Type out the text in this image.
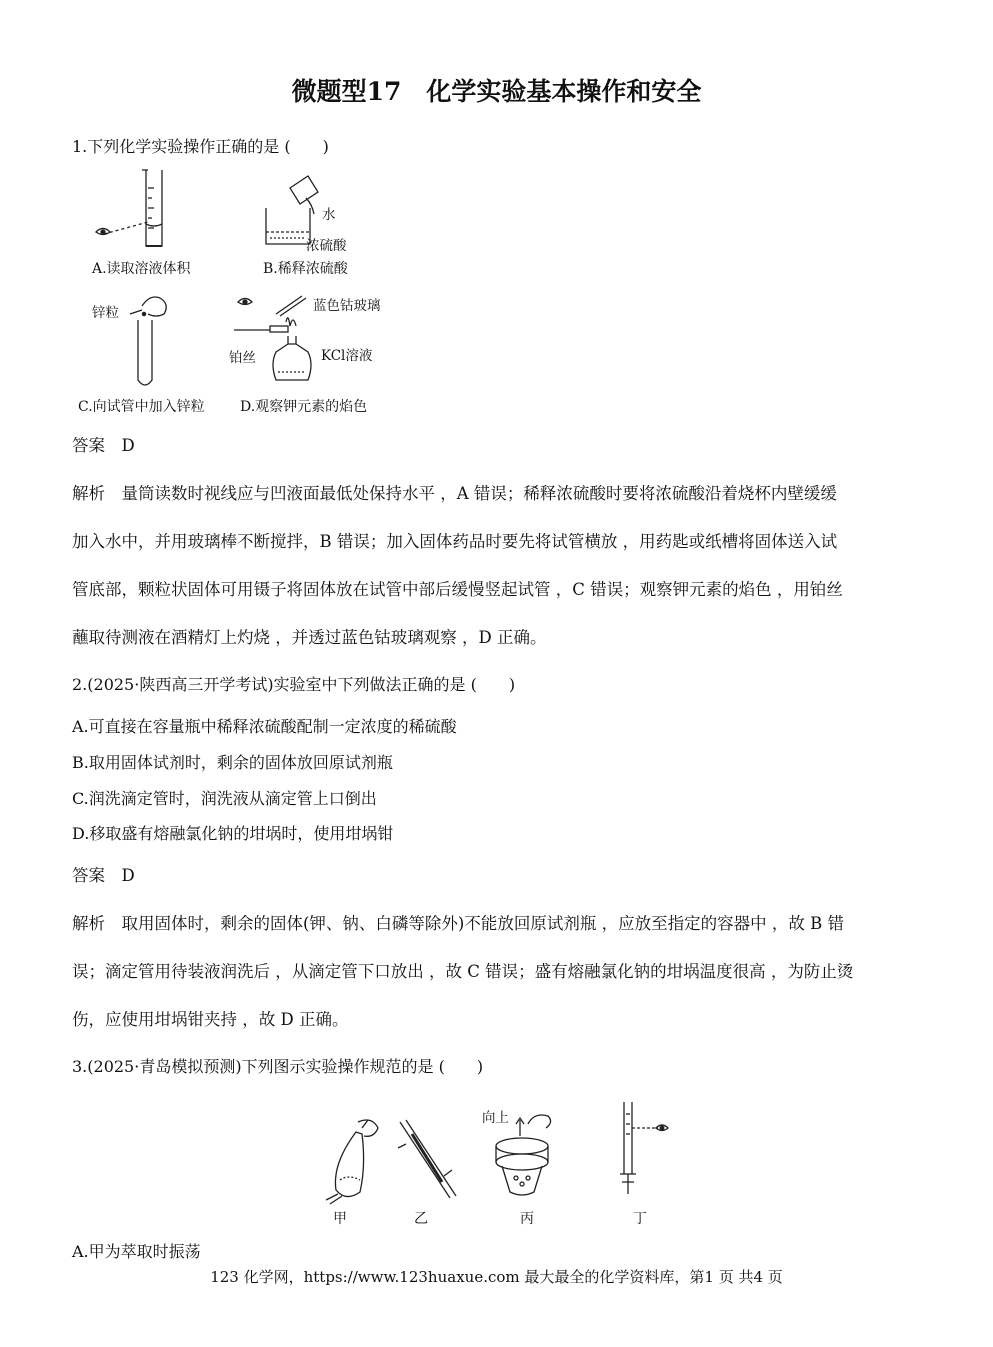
微题型17　化学实验基本操作和安全
1.下列化学实验操作正确的是 (　　)
A.读取溶液体积
水
浓硫酸
B.稀释浓硫酸
锌粒
C.向试管中加入锌粒
蓝色钴玻璃
铂丝	KCl溶液
D.观察钾元素的焰色
答案　D
解析　量筒读数时视线应与凹液面最低处保持水平 ，A 错误；稀释浓硫酸时要将浓硫酸沿着烧杯内壁缓缓
加入水中，并用玻璃棒不断搅拌，B 错误；加入固体药品时要先将试管横放 ，用药匙或纸槽将固体送入试
管底部，颗粒状固体可用镊子将固体放在试管中部后缓慢竖起试管 ，C 错误；观察钾元素的焰色 ，用铂丝
蘸取待测液在酒精灯上灼烧 ，并透过蓝色钴玻璃观察 ，D 正确。
2.(2025·陕西高三开学考试)实验室中下列做法正确的是 (　　)
A.可直接在容量瓶中稀释浓硫酸配制一定浓度的稀硫酸
B.取用固体试剂时，剩余的固体放回原试剂瓶
C.润洗滴定管时，润洗液从滴定管上口倒出
D.移取盛有熔融氯化钠的坩埚时，使用坩埚钳
答案　D
解析　取用固体时，剩余的固体(钾、钠、白磷等除外)不能放回原试剂瓶 ，应放至指定的容器中 ，故 B 错
误；滴定管用待装液润洗后 ，从滴定管下口放出 ，故 C 错误；盛有熔融氯化钠的坩埚温度很高 ，为防止烫
伤，应使用坩埚钳夹持 ，故 D 正确。
3.(2025·青岛模拟预测)下列图示实验操作规范的是 (　　)
向上
甲	乙	丙	丁
A.甲为萃取时振荡
123 化学网，https://www.123huaxue.com 最大最全的化学资料库，第1 页 共4 页
